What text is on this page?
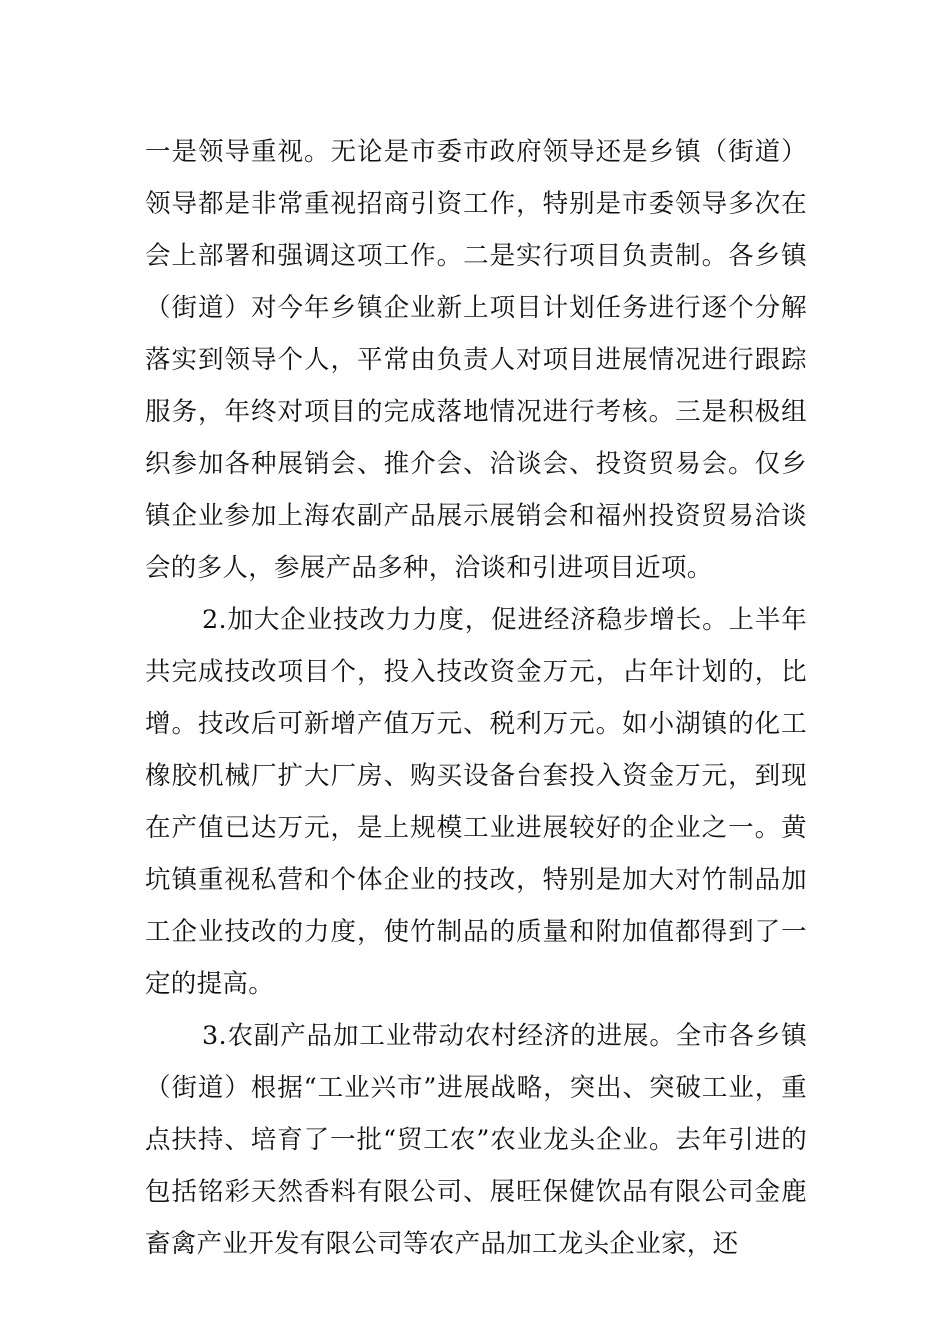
一是领导重视。无论是市委市政府领导还是乡镇（街道）领导都是非常重视招商引资工作，特别是市委领导多次在会上部署和强调这项工作。二是实行项目负责制。各乡镇（街道）对今年乡镇企业新上项目计划任务进行逐个分解落实到领导个人，平常由负责人对项目进展情况进行跟踪服务，年终对项目的完成落地情况进行考核。三是积极组织参加各种展销会、推介会、洽谈会、投资贸易会。仅乡镇企业参加上海农副产品展示展销会和福州投资贸易洽谈会的多人，参展产品多种，洽谈和引进项目近项。

2.加大企业技改力力度，促进经济稳步增长。上半年共完成技改项目个，投入技改资金万元，占年计划的，比增。技改后可新增产值万元、税利万元。如小湖镇的化工橡胶机械厂扩大厂房、购买设备台套投入资金万元，到现在产值已达万元，是上规模工业进展较好的企业之一。黄坑镇重视私营和个体企业的技改，特别是加大对竹制品加工企业技改的力度，使竹制品的质量和附加值都得到了一定的提高。

3.农副产品加工业带动农村经济的进展。全市各乡镇（街道）根据“工业兴市”进展战略，突出、突破工业，重点扶持、培育了一批“贸工农”农业龙头企业。去年引进的包括铭彩天然香料有限公司、展旺保健饮品有限公司金鹿畜禽产业开发有限公司等农产品加工龙头企业家，还
